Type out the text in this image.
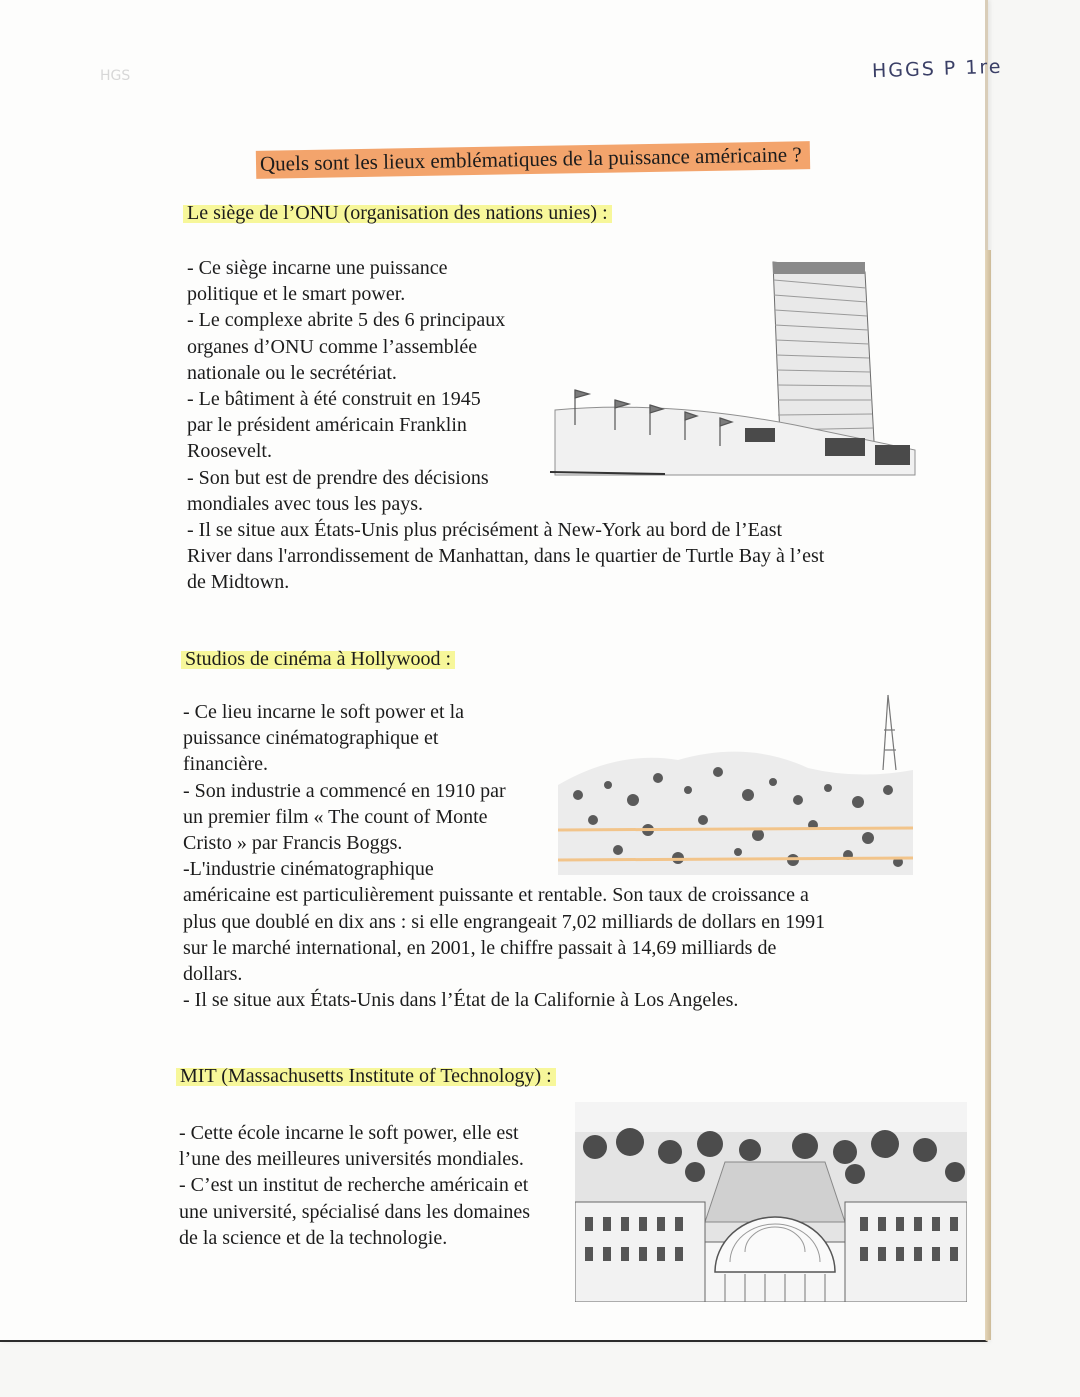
HGS	HGGS P 1re
Quels sont les lieux emblématiques de la puissance américaine ?
Le siège de l’ONU (organisation des nations unies) :
- Ce siège incarne une puissance
politique et le smart power.
- Le complexe abrite 5 des 6 principaux
organes d’ONU comme l’assemblée
nationale ou le secrétériat.
- Le bâtiment à été construit en 1945
par le président américain Franklin
Roosevelt.
- Son but est de prendre des décisions
mondiales avec tous les pays.
- Il se situe aux États-Unis plus précisément à New-York au bord de l’East
River dans l'arrondissement de Manhattan, dans le quartier de Turtle Bay à l’est
de Midtown.
Studios de cinéma à Hollywood :
- Ce lieu incarne le soft power et la
puissance cinématographique et
financière.
- Son industrie a commencé en 1910 par
un premier film « The count of Monte
Cristo » par Francis Boggs.
-L'industrie cinématographique
américaine est particulièrement puissante et rentable. Son taux de croissance a
plus que doublé en dix ans : si elle engrangeait 7,02 milliards de dollars en 1991
sur le marché international, en 2001, le chiffre passait à 14,69 milliards de
dollars.
- Il se situe aux États-Unis dans l’État de la Californie à Los Angeles.
MIT (Massachusetts Institute of Technology) :
- Cette école incarne le soft power, elle est
l’une des meilleures universités mondiales.
- C’est un institut de recherche américain et
une université, spécialisé dans les domaines
de la science et de la technologie.
